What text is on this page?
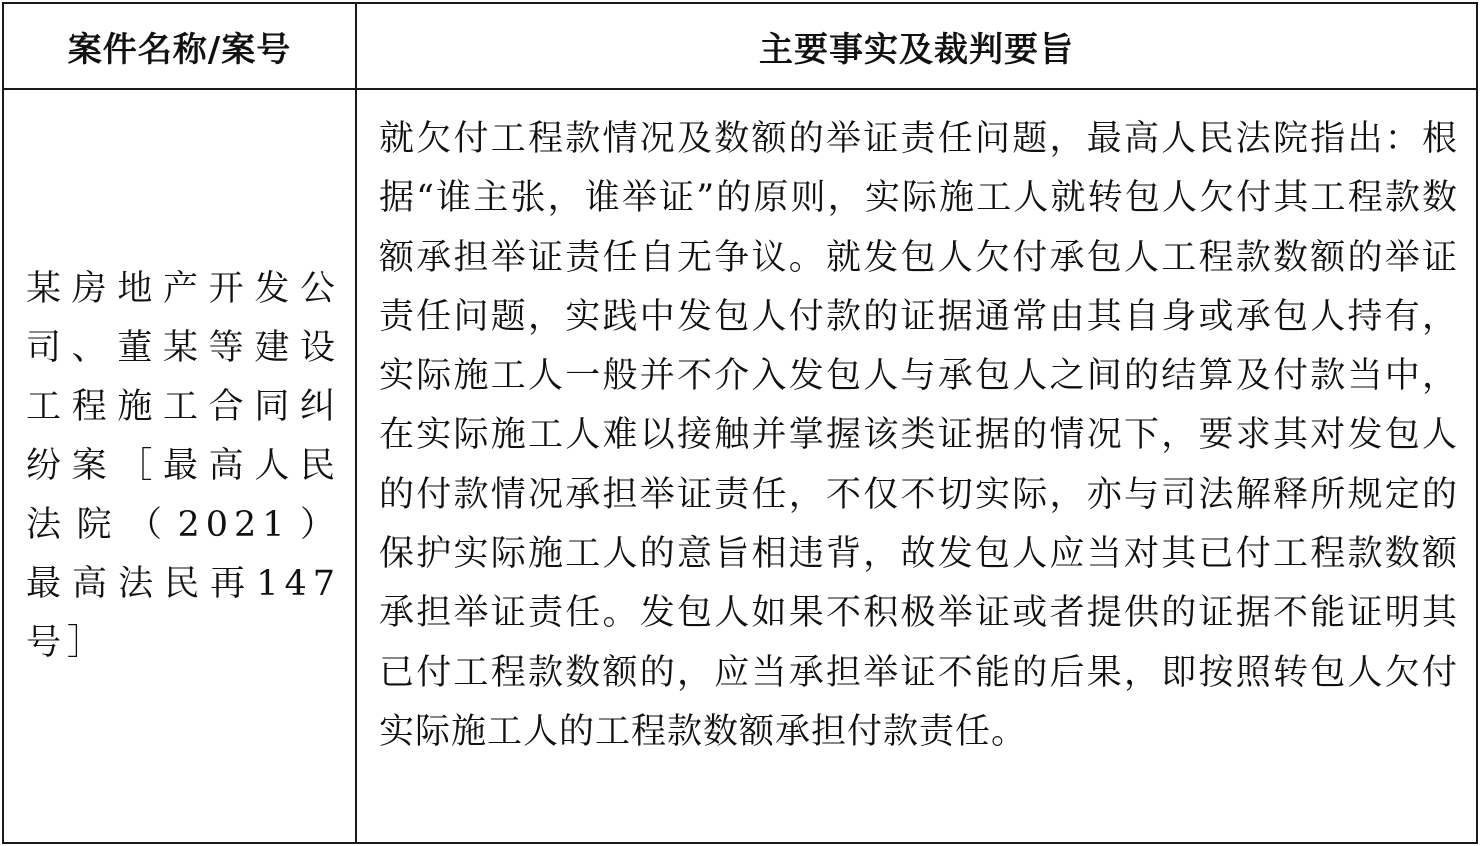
案件名称/案号	主要事实及裁判要旨
某房地产开发公司、董某等建设工程施工合同纠纷案［最高人民法院（2021）最高法民再147号］	就欠付工程款情况及数额的举证责任问题，最高人民法院指出：根据“谁主张，谁举证”的原则，实际施工人就转包人欠付其工程款数额承担举证责任自无争议。就发包人欠付承包人工程款数额的举证责任问题，实践中发包人付款的证据通常由其自身或承包人持有，实际施工人一般并不介入发包人与承包人之间的结算及付款当中，在实际施工人难以接触并掌握该类证据的情况下，要求其对发包人的付款情况承担举证责任，不仅不切实际，亦与司法解释所规定的保护实际施工人的意旨相违背，故发包人应当对其已付工程款数额承担举证责任。发包人如果不积极举证或者提供的证据不能证明其已付工程款数额的，应当承担举证不能的后果，即按照转包人欠付实际施工人的工程款数额承担付款责任。
